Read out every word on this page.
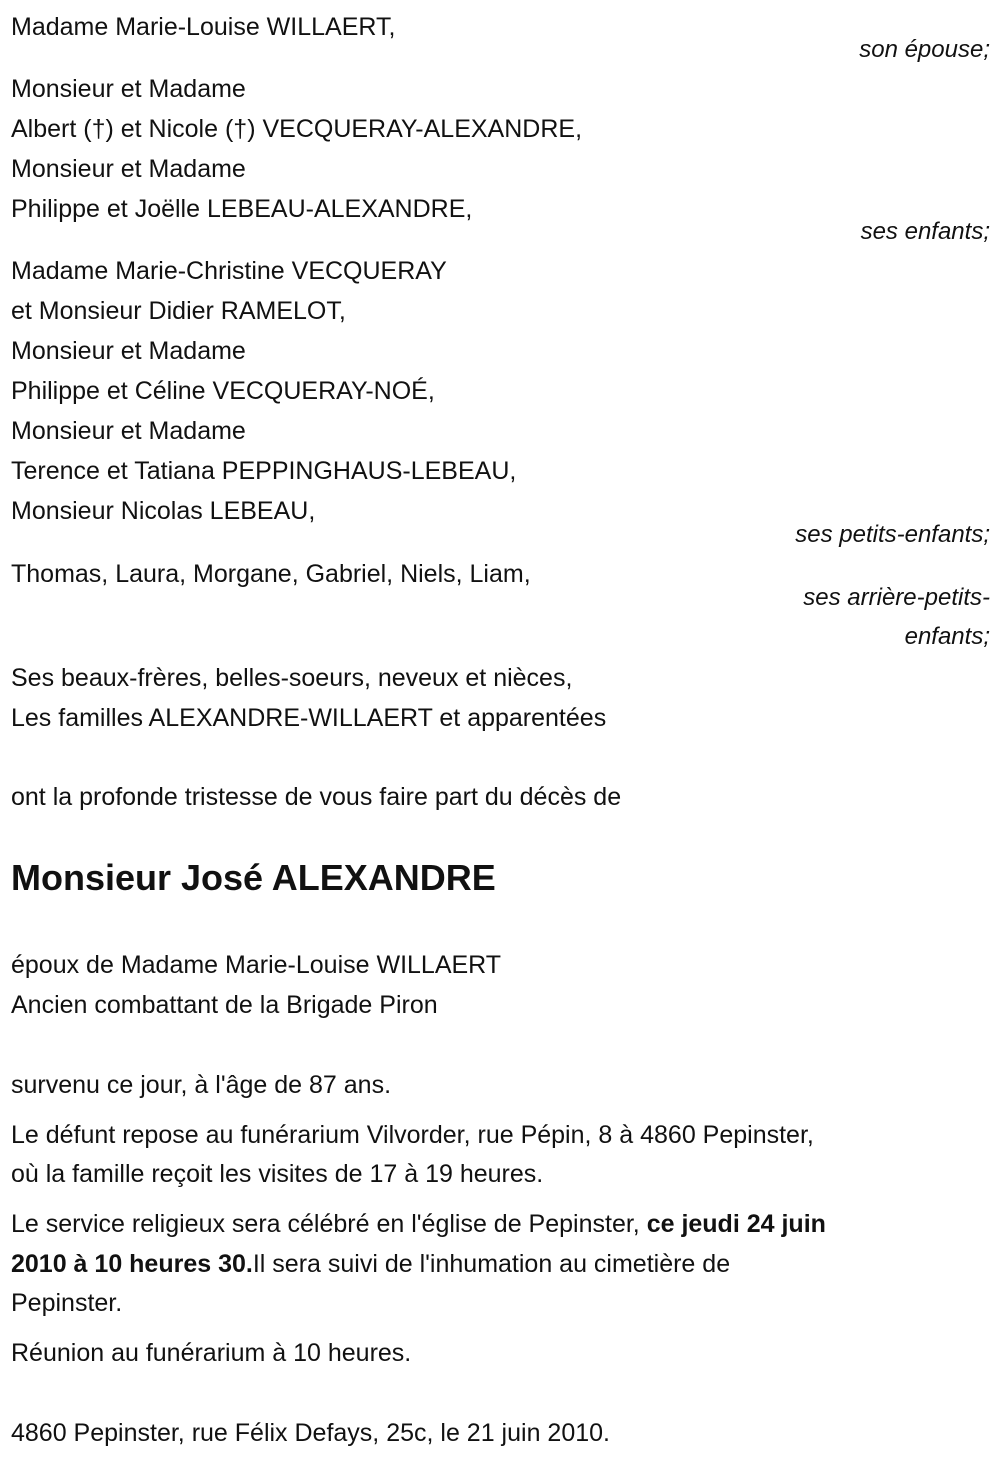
Madame Marie-Louise WILLAERT,
son épouse;
Monsieur et Madame
Albert (†) et Nicole (†) VECQUERAY-ALEXANDRE,
Monsieur et Madame
Philippe et Joëlle LEBEAU-ALEXANDRE,
ses enfants;
Madame Marie-Christine VECQUERAY
et Monsieur Didier RAMELOT,
Monsieur et Madame
Philippe et Céline VECQUERAY-NOÉ,
Monsieur et Madame
Terence et Tatiana PEPPINGHAUS-LEBEAU,
Monsieur Nicolas LEBEAU,
ses petits-enfants;
Thomas, Laura, Morgane, Gabriel, Niels, Liam,
ses arrière-petits-
enfants;
Ses beaux-frères, belles-soeurs, neveux et nièces,
Les familles ALEXANDRE-WILLAERT et apparentées
ont la profonde tristesse de vous faire part du décès de
Monsieur José ALEXANDRE
époux de Madame Marie-Louise WILLAERT
Ancien combattant de la Brigade Piron
survenu ce jour, à l'âge de 87 ans.
Le défunt repose au funérarium Vilvorder, rue Pépin, 8 à 4860 Pepinster,
où la famille reçoit les visites de 17 à 19 heures.
Le service religieux sera célébré en l'église de Pepinster, ce jeudi 24 juin
2010 à 10 heures 30.Il sera suivi de l'inhumation au cimetière de
Pepinster.
Réunion au funérarium à 10 heures.
4860 Pepinster, rue Félix Defays, 25c, le 21 juin 2010.
